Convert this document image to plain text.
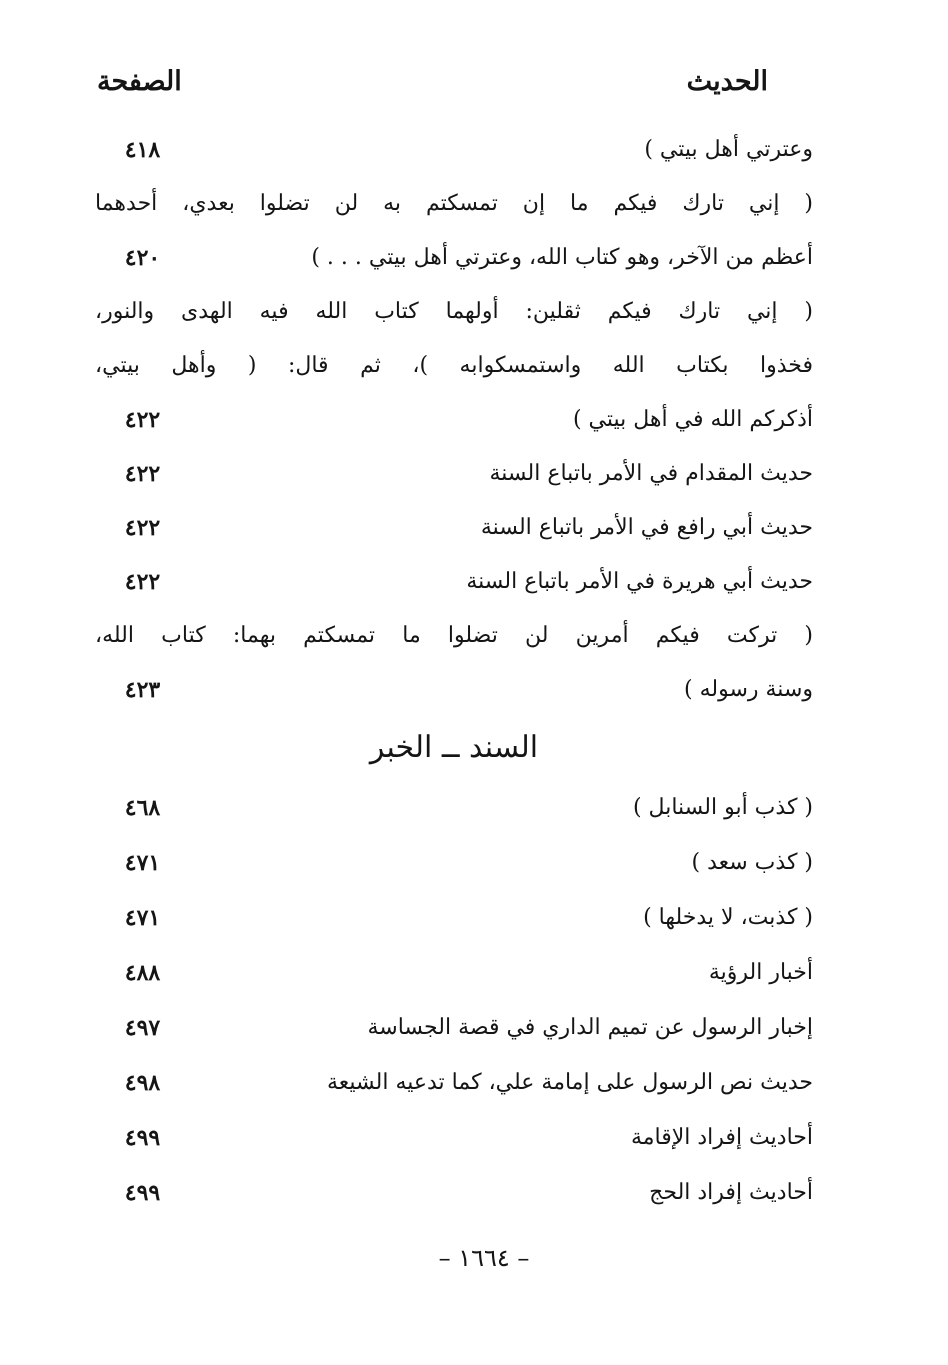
الحديث
الصفحة
وعترتي أهل بيتي )
٤١٨
( إني تارك فيكم ما إن تمسكتم به لن تضلوا بعدي، أحدهما
أعظم من الآخر، وهو كتاب الله، وعترتي أهل بيتي . . . )
٤٢٠
( إني تارك فيكم ثقلين: أولهما كتاب الله فيه الهدى والنور،
فخذوا بكتاب الله واستمسكوابه )، ثم قال: ( وأهل بيتي،
أذكركم الله في أهل بيتي )
٤٢٢
حديث المقدام في الأمر باتباع السنة
٤٢٢
حديث أبي رافع في الأمر باتباع السنة
٤٢٢
حديث أبي هريرة في الأمر باتباع السنة
٤٢٢
( تركت فيكم أمرين لن تضلوا ما تمسكتم بهما: كتاب الله،
وسنة رسوله )
٤٢٣
السند ــ الخبر
( كذب أبو السنابل )
٤٦٨
( كذب سعد )
٤٧١
( كذبت، لا يدخلها )
٤٧١
أخبار الرؤية
٤٨٨
إخبار الرسول عن تميم الداري في قصة الجساسة
٤٩٧
حديث نص الرسول على إمامة علي، كما تدعيه الشيعة
٤٩٨
أحاديث إفراد الإقامة
٤٩٩
أحاديث إفراد الحج
٤٩٩
– ١٦٦٤ –
